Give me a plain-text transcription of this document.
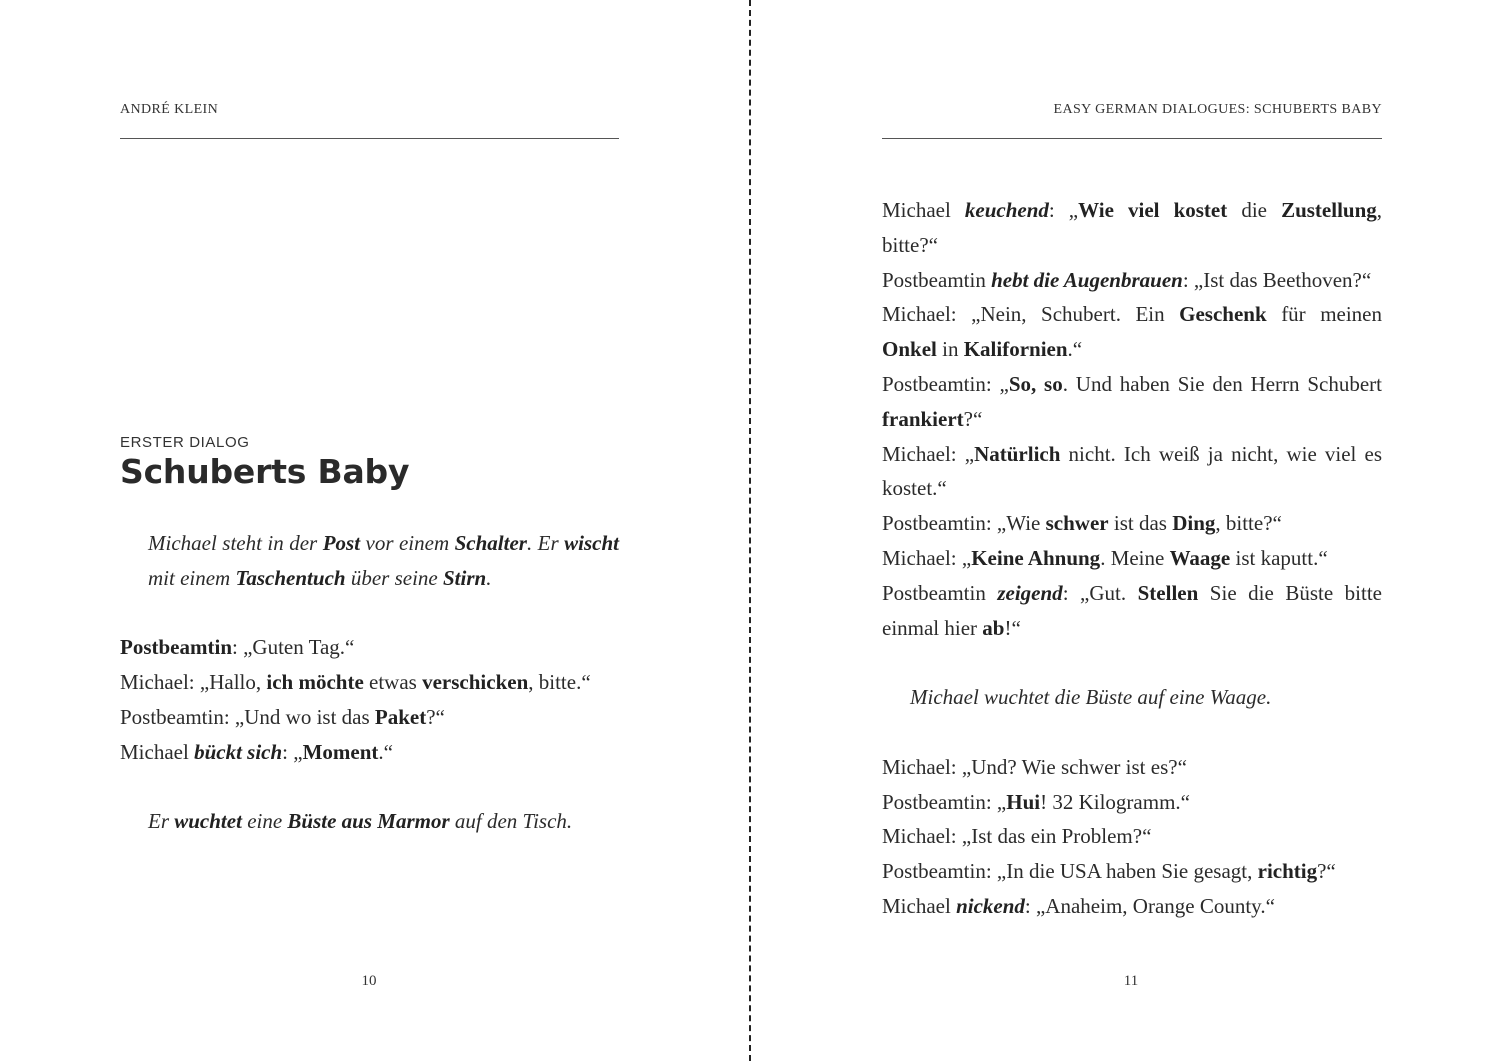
ANDRÉ KLEIN
ERSTER DIALOG
Schuberts Baby

Michael steht in der Post vor einem Schalter. Er wischt mit einem Taschentuch über seine Stirn.

Postbeamtin: „Guten Tag.“

Michael: „Hallo, ich möchte etwas verschicken, bitte.“

Postbeamtin: „Und wo ist das Paket?“

Michael bückt sich: „Moment.“

Er wuchtet eine Büste aus Marmor auf den Tisch.

10
EASY GERMAN DIALOGUES: SCHUBERTS BABY

Michael keuchend: „Wie viel kostet die Zustellung, bitte?“

Postbeamtin hebt die Augenbrauen: „Ist das Beethoven?“

Michael: „Nein, Schubert. Ein Geschenk für meinen Onkel in Kalifornien.“

Postbeamtin: „So, so. Und haben Sie den Herrn Schubert frankiert?“

Michael: „Natürlich nicht. Ich weiß ja nicht, wie viel es kostet.“

Postbeamtin: „Wie schwer ist das Ding, bitte?“

Michael: „Keine Ahnung. Meine Waage ist kaputt.“

Postbeamtin zeigend: „Gut. Stellen Sie die Büste bitte einmal hier ab!“

Michael wuchtet die Büste auf eine Waage.

Michael: „Und? Wie schwer ist es?“

Postbeamtin: „Hui! 32 Kilogramm.“

Michael: „Ist das ein Problem?“

Postbeamtin: „In die USA haben Sie gesagt, richtig?“

Michael nickend: „Anaheim, Orange County.“

11
